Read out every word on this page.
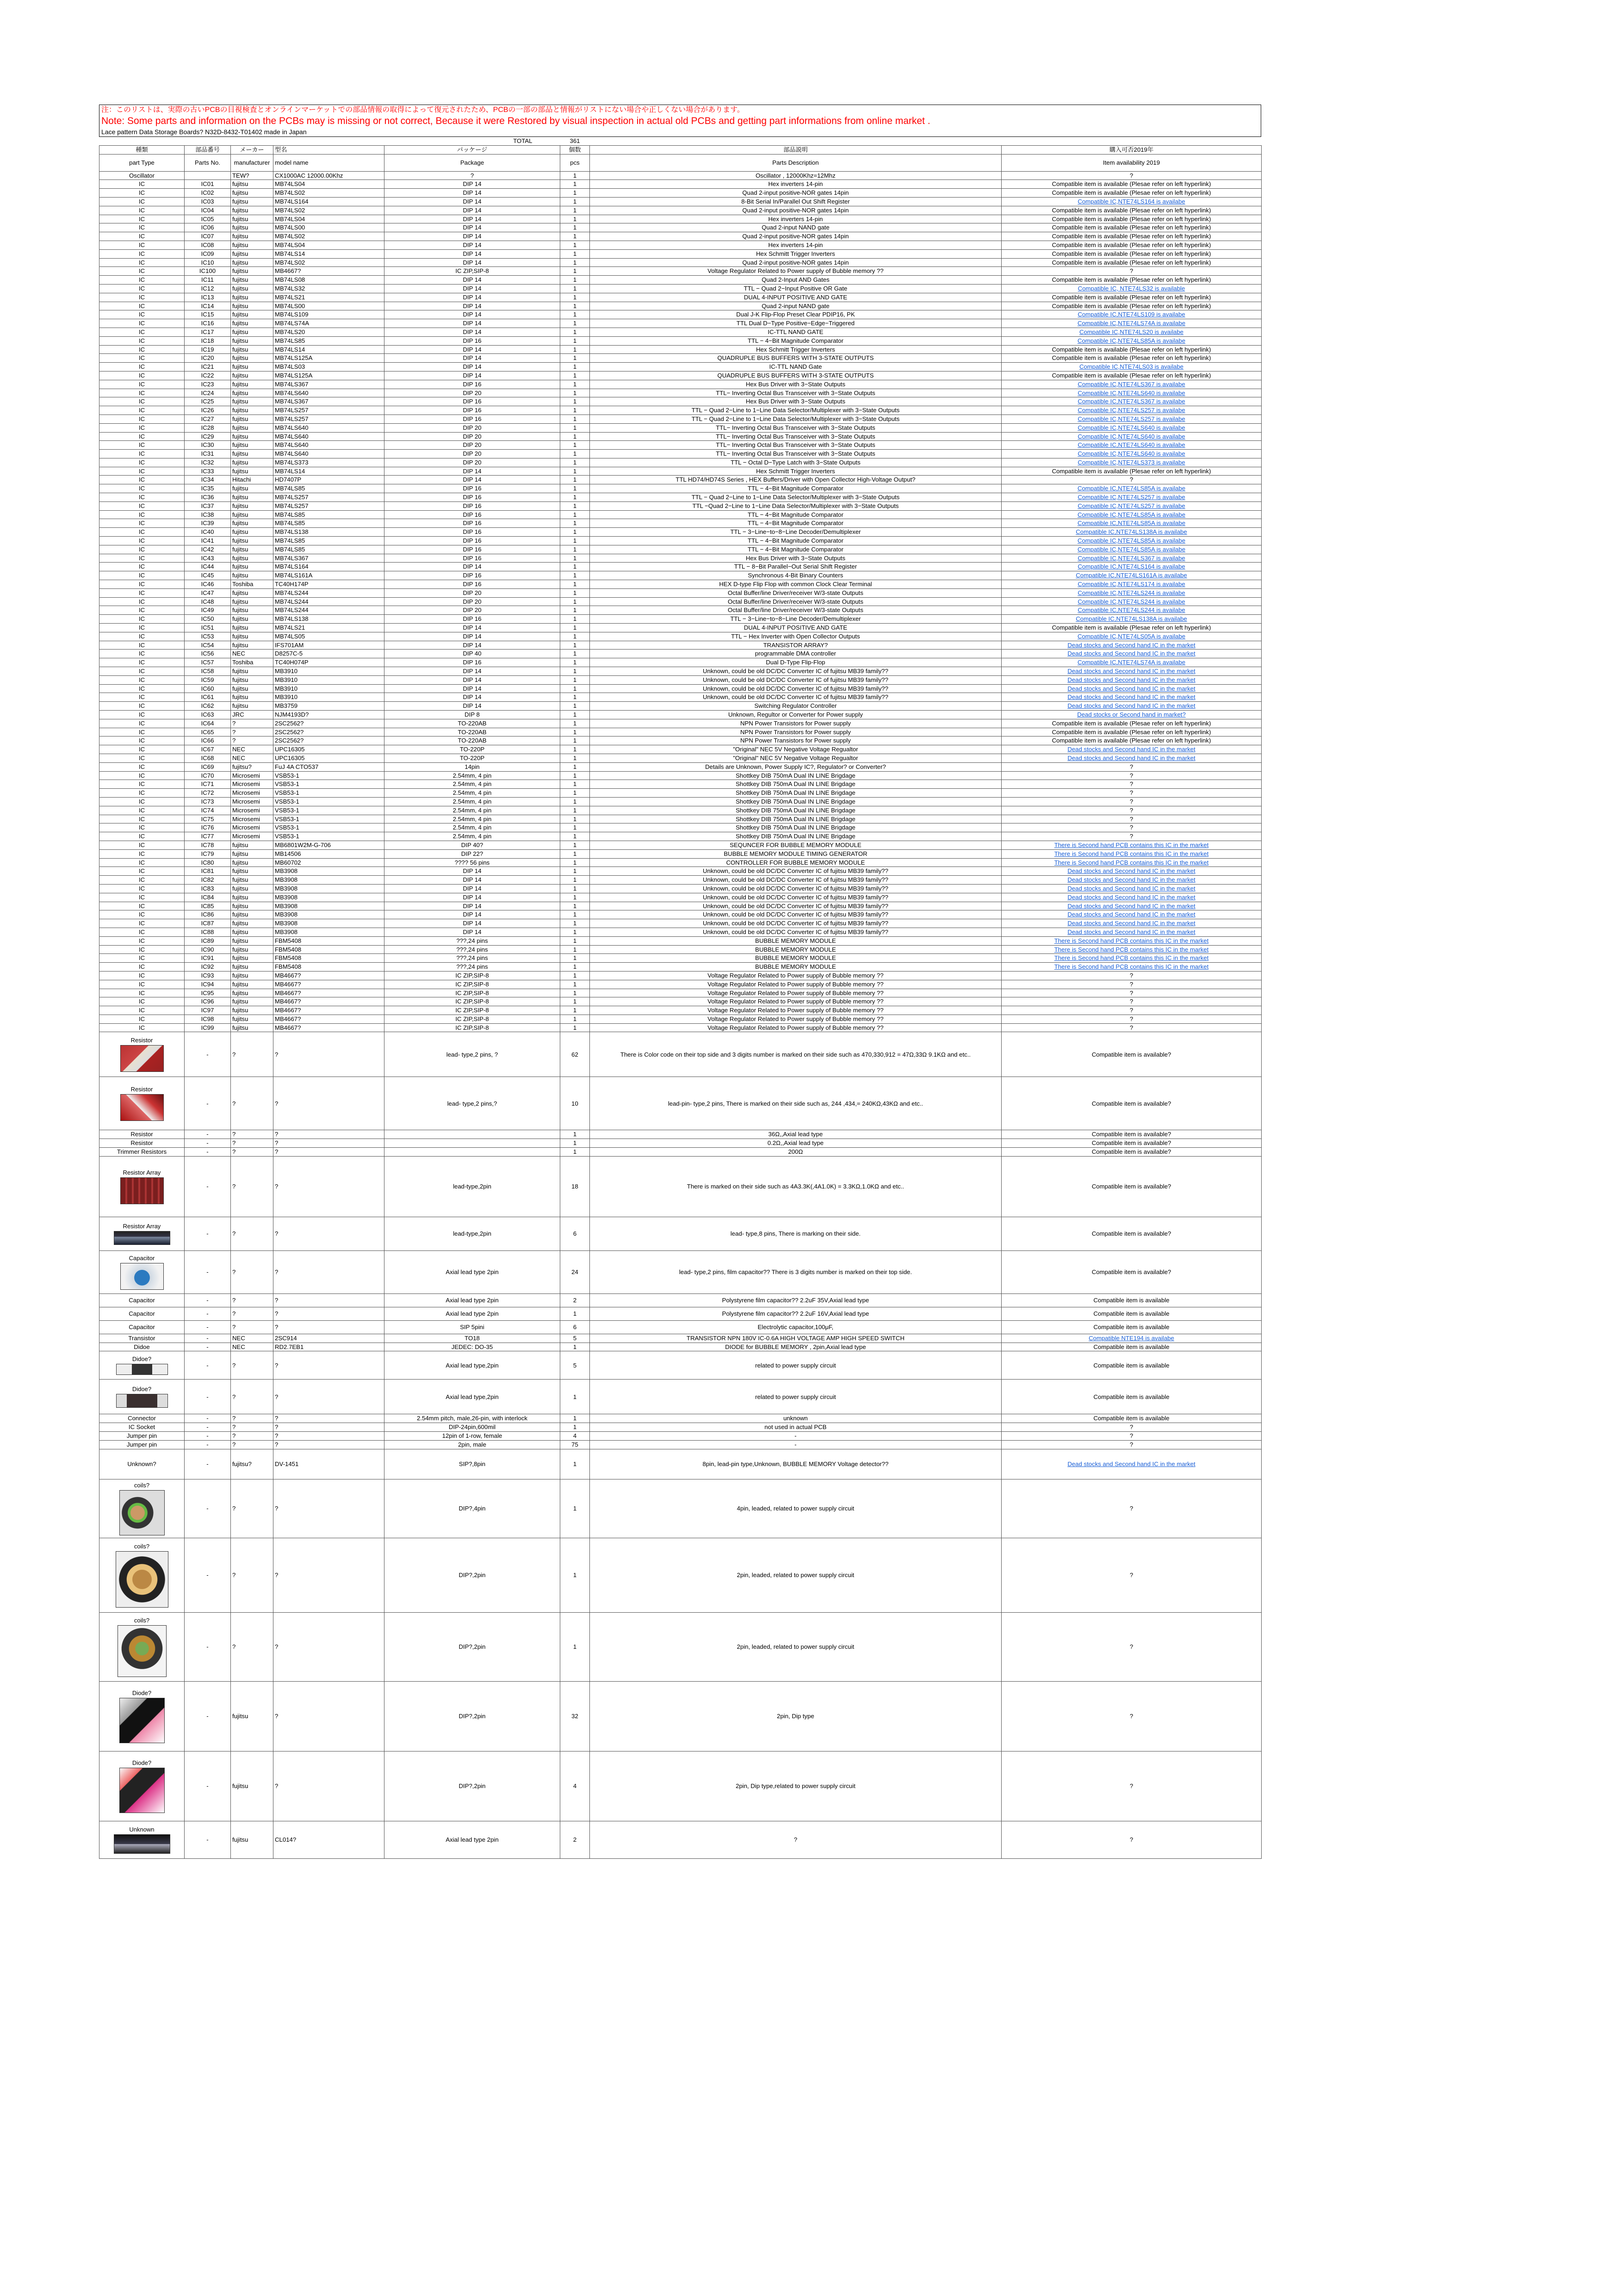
注：このリストは、実際の古いPCBの目視検査とオンラインマーケットでの部品情報の取得によって復元されたため、PCBの一部の部品と情報がリストにない場合や正しくない場合があります。
Note: Some parts and information on the PCBs may is missing or not correct, Because it were Restored by visual inspection in actual old PCBs and getting part informations from online market .
Lace pattern Data Storage Boards? N32D-8432-T01402 made in Japan
			TOTAL		361		
種類	部品番号	メーカー	型名	パッケージ	個数	部品説明	購入可否2019年
part Type	Parts No.	manufacturer	model name	Package	pcs	Parts Description	Item availability 2019
Oscillator		TEW?	CX1000AC 12000.00Khz	?	1	Oscillator , 12000Khz=12Mhz	?
IC	IC01	fujitsu	MB74LS04	DIP 14	1	Hex inverters 14-pin	Compatible item is available (Plesae refer on left hyperlink)
IC	IC02	fujitsu	MB74LS02	DIP 14	1	Quad 2-input positive-NOR gates 14pin	Compatible item is available (Plesae refer on left hyperlink)
IC	IC03	fujitsu	MB74LS164	DIP 14	1	8-Bit Serial In/Parallel Out Shift Register	Compatible IC,NTE74LS164 is availabe
IC	IC04	fujitsu	MB74LS02	DIP 14	1	Quad 2-input positive-NOR gates 14pin	Compatible item is available (Plesae refer on left hyperlink)
IC	IC05	fujitsu	MB74LS04	DIP 14	1	Hex inverters 14-pin	Compatible item is available (Plesae refer on left hyperlink)
IC	IC06	fujitsu	MB74LS00	DIP 14	1	Quad 2-input NAND gate	Compatible item is available (Plesae refer on left hyperlink)
IC	IC07	fujitsu	MB74LS02	DIP 14	1	Quad 2-input positive-NOR gates 14pin	Compatible item is available (Plesae refer on left hyperlink)
IC	IC08	fujitsu	MB74LS04	DIP 14	1	Hex inverters 14-pin	Compatible item is available (Plesae refer on left hyperlink)
IC	IC09	fujitsu	MB74LS14	DIP 14	1	Hex Schmitt Trigger Inverters	Compatible item is available (Plesae refer on left hyperlink)
IC	IC10	fujitsu	MB74LS02	DIP 14	1	Quad 2-input positive-NOR gates 14pin	Compatible item is available (Plesae refer on left hyperlink)
IC	IC100	fujitsu	MB4667?	IC ZIP,SIP-8	1	Voltage Regulator Related to Power supply of Bubble memory ??	?
IC	IC11	fujitsu	MB74LS08	DIP 14	1	Quad 2-Input AND Gates	Compatible item is available (Plesae refer on left hyperlink)
IC	IC12	fujitsu	MB74LS32	DIP 14	1	TTL − Quad 2−Input Positive OR Gate	Compatible IC, NTE74LS32 is available
IC	IC13	fujitsu	MB74LS21	DIP 14	1	DUAL 4-INPUT POSITIVE AND GATE	Compatible item is available (Plesae refer on left hyperlink)
IC	IC14	fujitsu	MB74LS00	DIP 14	1	Quad 2-input NAND gate	Compatible item is available (Plesae refer on left hyperlink)
IC	IC15	fujitsu	MB74LS109	DIP 14	1	Dual J-K Flip-Flop Preset Clear PDIP16, PK	Compatible IC,NTE74LS109 is availabe
IC	IC16	fujitsu	MB74LS74A	DIP 14	1	TTL Dual D−Type Positive−Edge−Triggered	Compatible IC,NTE74LS74A is availabe
IC	IC17	fujitsu	MB74LS20	DIP 14	1	IC-TTL NAND GATE	Compatible IC,NTE74LS20 is availabe
IC	IC18	fujitsu	MB74LS85	DIP 16	1	TTL − 4−Bit Magnitude Comparator	Compatible IC,NTE74LS85A is availabe
IC	IC19	fujitsu	MB74LS14	DIP 14	1	Hex Schmitt Trigger Inverters	Compatible item is available (Plesae refer on left hyperlink)
IC	IC20	fujitsu	MB74LS125A	DIP 14	1	QUADRUPLE BUS BUFFERS WITH 3-STATE OUTPUTS	Compatible item is available (Plesae refer on left hyperlink)
IC	IC21	fujitsu	MB74LS03	DIP 14	1	IC-TTL NAND Gate	Compatible IC,NTE74LS03 is availabe
IC	IC22	fujitsu	MB74LS125A	DIP 14	1	QUADRUPLE BUS BUFFERS WITH 3-STATE OUTPUTS	Compatible item is available (Plesae refer on left hyperlink)
IC	IC23	fujitsu	MB74LS367	DIP 16	1	Hex Bus Driver with 3−State Outputs	Compatible IC,NTE74LS367 is availabe
IC	IC24	fujitsu	MB74LS640	DIP 20	1	TTL− Inverting Octal Bus Transceiver with 3−State Outputs	Compatible IC,NTE74LS640 is availabe
IC	IC25	fujitsu	MB74LS367	DIP 16	1	Hex Bus Driver with 3−State Outputs	Compatible IC,NTE74LS367 is availabe
IC	IC26	fujitsu	MB74LS257	DIP 16	1	TTL − Quad 2−Line to 1−Line Data Selector/Multiplexer with 3−State Outputs	Compatible IC,NTE74LS257 is availabe
IC	IC27	fujitsu	MB74LS257	DIP 16	1	TTL − Quad 2−Line to 1−Line Data Selector/Multiplexer with 3−State Outputs	Compatible IC,NTE74LS257 is availabe
IC	IC28	fujitsu	MB74LS640	DIP 20	1	TTL− Inverting Octal Bus Transceiver with 3−State Outputs	Compatible IC,NTE74LS640 is availabe
IC	IC29	fujitsu	MB74LS640	DIP 20	1	TTL− Inverting Octal Bus Transceiver with 3−State Outputs	Compatible IC,NTE74LS640 is availabe
IC	IC30	fujitsu	MB74LS640	DIP 20	1	TTL− Inverting Octal Bus Transceiver with 3−State Outputs	Compatible IC,NTE74LS640 is availabe
IC	IC31	fujitsu	MB74LS640	DIP 20	1	TTL− Inverting Octal Bus Transceiver with 3−State Outputs	Compatible IC,NTE74LS640 is availabe
IC	IC32	fujitsu	MB74LS373	DIP 20	1	TTL − Octal D−Type Latch with 3−State Outputs	Compatible IC,NTE74LS373 is availabe
IC	IC33	fujitsu	MB74LS14	DIP 14	1	Hex Schmitt Trigger Inverters	Compatible item is available (Plesae refer on left hyperlink)
IC	IC34	Hitachi	HD7407P	DIP 14	1	TTL HD74/HD74S Series , HEX Buffers/Driver with Open Collector High-Voltage Output?	?
IC	IC35	fujitsu	MB74LS85	DIP 16	1	TTL − 4−Bit Magnitude Comparator	Compatible IC,NTE74LS85A is availabe
IC	IC36	fujitsu	MB74LS257	DIP 16	1	TTL − Quad 2−Line to 1−Line Data Selector/Multiplexer with 3−State Outputs	Compatible IC,NTE74LS257 is availabe
IC	IC37	fujitsu	MB74LS257	DIP 16	1	TTL −Quad 2−Line to 1−Line Data Selector/Multiplexer with 3−State Outputs	Compatible IC,NTE74LS257 is availabe
IC	IC38	fujitsu	MB74LS85	DIP 16	1	TTL − 4−Bit Magnitude Comparator	Compatible IC,NTE74LS85A is availabe
IC	IC39	fujitsu	MB74LS85	DIP 16	1	TTL − 4−Bit Magnitude Comparator	Compatible IC,NTE74LS85A is availabe
IC	IC40	fujitsu	MB74LS138	DIP 16	1	TTL − 3−Line−to−8−Line Decoder/Demultiplexer	Compatible IC,NTE74LS138A is availabe
IC	IC41	fujitsu	MB74LS85	DIP 16	1	TTL − 4−Bit Magnitude Comparator	Compatible IC,NTE74LS85A is availabe
IC	IC42	fujitsu	MB74LS85	DIP 16	1	TTL − 4−Bit Magnitude Comparator	Compatible IC,NTE74LS85A is availabe
IC	IC43	fujitsu	MB74LS367	DIP 16	1	Hex Bus Driver with 3−State Outputs	Compatible IC,NTE74LS367 is availabe
IC	IC44	fujitsu	MB74LS164	DIP 14	1	TTL − 8−Bit Parallel−Out Serial Shift Register	Compatible IC,NTE74LS164 is availabe
IC	IC45	fujitsu	MB74LS161A	DIP 16	1	Synchronous 4-Bit Binary Counters	Compatible IC,NTE74LS161A is availabe
IC	IC46	Toshiba	TC40H174P	DIP 16	1	HEX D-type Flip Flop with common Clock Clear Terminal	Compatible IC,NTE74LS174 is availabe
IC	IC47	fujitsu	MB74LS244	DIP 20	1	Octal Buffer/line Driver/receiver W/3-state Outputs	Compatible IC,NTE74LS244 is availabe
IC	IC48	fujitsu	MB74LS244	DIP 20	1	Octal Buffer/line Driver/receiver W/3-state Outputs	Compatible IC,NTE74LS244 is availabe
IC	IC49	fujitsu	MB74LS244	DIP 20	1	Octal Buffer/line Driver/receiver W/3-state Outputs	Compatible IC,NTE74LS244 is availabe
IC	IC50	fujitsu	MB74LS138	DIP 16	1	TTL − 3−Line−to−8−Line Decoder/Demultiplexer	Compatible IC,NTE74LS138A is availabe
IC	IC51	fujitsu	MB74LS21	DIP 14	1	DUAL 4-INPUT POSITIVE AND GATE	Compatible item is available (Plesae refer on left hyperlink)
IC	IC53	fujitsu	MB74LS05	DIP 14	1	TTL − Hex Inverter with Open Collector Outputs	Compatible IC,NTE74LS05A is availabe
IC	IC54	fujitsu	IFS701AM	DIP 14	1	TRANSISTOR ARRAY?	Dead stocks and Second hand IC in the market
IC	IC56	NEC	D8257C-5	DIP 40	1	programmable DMA controller	Dead stocks and Second hand IC in the market
IC	IC57	Toshiba	TC40H074P	DIP 16	1	Dual D-Type Flip-Flop	Compatible IC,NTE74LS74A is availabe
IC	IC58	fujitsu	MB3910	DIP 14	1	Unknown, could be old DC/DC Converter IC of fujitsu MB39 family??	Dead stocks and Second hand IC in the market
IC	IC59	fujitsu	MB3910	DIP 14	1	Unknown, could be old DC/DC Converter IC of fujitsu MB39 family??	Dead stocks and Second hand IC in the market
IC	IC60	fujitsu	MB3910	DIP 14	1	Unknown, could be old DC/DC Converter IC of fujitsu MB39 family??	Dead stocks and Second hand IC in the market
IC	IC61	fujitsu	MB3910	DIP 14	1	Unknown, could be old DC/DC Converter IC of fujitsu MB39 family??	Dead stocks and Second hand IC in the market
IC	IC62	fujitsu	MB3759	DIP 14	1	Switching Regulator Controller	Dead stocks and Second hand IC in the market
IC	IC63	JRC	NJM4193D?	DIP 8	1	Unknown, Regultor or Converter for Power supply	Dead stocks or Second hand in market?
IC	IC64	?	2SC2562?	TO-220AB	1	NPN Power Transistors for Power supply	Compatible item is available (Plesae refer on left hyperlink)
IC	IC65	?	2SC2562?	TO-220AB	1	NPN Power Transistors for Power supply	Compatible item is available (Plesae refer on left hyperlink)
IC	IC66	?	2SC2562?	TO-220AB	1	NPN Power Transistors for Power supply	Compatible item is available (Plesae refer on left hyperlink)
IC	IC67	NEC	UPC16305	TO-220P	1	"Original" NEC 5V Negative Voltage Regualtor	Dead stocks and Second hand IC in the market
IC	IC68	NEC	UPC16305	TO-220P	1	"Original" NEC 5V Negative Voltage Regualtor	Dead stocks and Second hand IC in the market
IC	IC69	fujitsu?	FuJ 4A CTO537	14pin	1	Details are Unknown, Power Supply IC?, Regulator? or Converter?	?
IC	IC70	Microsemi	VSB53-1	2.54mm, 4 pin	1	Shottkey DIB 750mA Dual IN LINE Brigdage	?
IC	IC71	Microsemi	VSB53-1	2.54mm, 4 pin	1	Shottkey DIB 750mA Dual IN LINE Brigdage	?
IC	IC72	Microsemi	VSB53-1	2.54mm, 4 pin	1	Shottkey DIB 750mA Dual IN LINE Brigdage	?
IC	IC73	Microsemi	VSB53-1	2.54mm, 4 pin	1	Shottkey DIB 750mA Dual IN LINE Brigdage	?
IC	IC74	Microsemi	VSB53-1	2.54mm, 4 pin	1	Shottkey DIB 750mA Dual IN LINE Brigdage	?
IC	IC75	Microsemi	VSB53-1	2.54mm, 4 pin	1	Shottkey DIB 750mA Dual IN LINE Brigdage	?
IC	IC76	Microsemi	VSB53-1	2.54mm, 4 pin	1	Shottkey DIB 750mA Dual IN LINE Brigdage	?
IC	IC77	Microsemi	VSB53-1	2.54mm, 4 pin	1	Shottkey DIB 750mA Dual IN LINE Brigdage	?
IC	IC78	fujitsu	MB6801W2M-G-706	DIP 40?	1	SEQUNCER FOR BUBBLE MEMORY MODULE	There is Second hand PCB contains this IC in the market
IC	IC79	fujitsu	MB14506	DIP 22?	1	BUBBLE MEMORY MODULE TIMING GENERATOR	There is Second hand PCB contains this IC in the market
IC	IC80	fujitsu	MB60702	???? 56 pins	1	CONTROLLER FOR BUBBLE MEMORY MODULE	There is Second hand PCB contains this IC in the market
IC	IC81	fujitsu	MB3908	DIP 14	1	Unknown, could be old DC/DC Converter IC of fujitsu MB39 family??	Dead stocks and Second hand IC in the market
IC	IC82	fujitsu	MB3908	DIP 14	1	Unknown, could be old DC/DC Converter IC of fujitsu MB39 family??	Dead stocks and Second hand IC in the market
IC	IC83	fujitsu	MB3908	DIP 14	1	Unknown, could be old DC/DC Converter IC of fujitsu MB39 family??	Dead stocks and Second hand IC in the market
IC	IC84	fujitsu	MB3908	DIP 14	1	Unknown, could be old DC/DC Converter IC of fujitsu MB39 family??	Dead stocks and Second hand IC in the market
IC	IC85	fujitsu	MB3908	DIP 14	1	Unknown, could be old DC/DC Converter IC of fujitsu MB39 family??	Dead stocks and Second hand IC in the market
IC	IC86	fujitsu	MB3908	DIP 14	1	Unknown, could be old DC/DC Converter IC of fujitsu MB39 family??	Dead stocks and Second hand IC in the market
IC	IC87	fujitsu	MB3908	DIP 14	1	Unknown, could be old DC/DC Converter IC of fujitsu MB39 family??	Dead stocks and Second hand IC in the market
IC	IC88	fujitsu	MB3908	DIP 14	1	Unknown, could be old DC/DC Converter IC of fujitsu MB39 family??	Dead stocks and Second hand IC in the market
IC	IC89	fujitsu	FBM5408	???,24 pins	1	BUBBLE MEMORY MODULE	There is Second hand PCB contains this IC in the market
IC	IC90	fujitsu	FBM5408	???,24 pins	1	BUBBLE MEMORY MODULE	There is Second hand PCB contains this IC in the market
IC	IC91	fujitsu	FBM5408	???,24 pins	1	BUBBLE MEMORY MODULE	There is Second hand PCB contains this IC in the market
IC	IC92	fujitsu	FBM5408	???,24 pins	1	BUBBLE MEMORY MODULE	There is Second hand PCB contains this IC in the market
IC	IC93	fujitsu	MB4667?	IC ZIP,SIP-8	1	Voltage Regulator Related to Power supply of Bubble memory ??	?
IC	IC94	fujitsu	MB4667?	IC ZIP,SIP-8	1	Voltage Regulator Related to Power supply of Bubble memory ??	?
IC	IC95	fujitsu	MB4667?	IC ZIP,SIP-8	1	Voltage Regulator Related to Power supply of Bubble memory ??	?
IC	IC96	fujitsu	MB4667?	IC ZIP,SIP-8	1	Voltage Regulator Related to Power supply of Bubble memory ??	?
IC	IC97	fujitsu	MB4667?	IC ZIP,SIP-8	1	Voltage Regulator Related to Power supply of Bubble memory ??	?
IC	IC98	fujitsu	MB4667?	IC ZIP,SIP-8	1	Voltage Regulator Related to Power supply of Bubble memory ??	?
IC	IC99	fujitsu	MB4667?	IC ZIP,SIP-8	1	Voltage Regulator Related to Power supply of Bubble memory ??	?

Resistor	-	?	?	lead- type,2 pins, ?	62	There is Color code on their top side and 3 digits number is marked on their side such as 470,330,912 = 47Ω,33Ω 9.1KΩ and etc..	Compatible item is available?

Resistor	-	?	?	lead- type,2 pins,?	10	lead-pin- type,2 pins, There is marked on their side such as, 244 ,434,= 240KΩ,43KΩ and etc..	Compatible item is available?
Resistor	-	?	?		1	36Ω,,Axial lead type	Compatible item is available?
Resistor	-	?	?		1	0.2Ω,,Axial lead type	Compatible item is available?
Trimmer Resistors	-	?	?		1	200Ω	Compatible item is available?

Resistor Array	-	?	?	lead-type,2pin	18	There is marked on their side such as 4A3.3K(,4A1.0K) = 3.3KΩ,1.0KΩ and etc..	Compatible item is available?

Resistor Array	-	?	?	lead-type,2pin	6	lead- type,8 pins, There is marking on their side.	Compatible item is available?

Capacitor	-	?	?	Axial lead type 2pin	24	lead- type,2 pins, film capacitor?? There is 3 digits number is marked on their top side.	Compatible item is available?
Capacitor	-	?	?	Axial lead type 2pin	2	Polystyrene film capacitor?? 2.2uF 35V,Axial lead type	Compatible item is available
Capacitor	-	?	?	Axial lead type 2pin	1	Polystyrene film capacitor?? 2.2uF 16V,Axial lead type	Compatible item is available
Capacitor	-	?	?	SIP 5pini	6	Electrolytic capacitor,100μF,	Compatible item is available
Transistor	-	NEC	2SC914	TO18	5	TRANSISTOR NPN 180V IC-0.6A HIGH VOLTAGE AMP HIGH SPEED SWITCH	Compatible NTE194 is availabe
Didoe	-	NEC	RD2.7EB1	JEDEC: DO-35	1	DIODE for BUBBLE MEMORY , 2pin,Axial lead type	Compatible item is available

Didoe?	-	?	?	Axial lead type,2pin	5	related to power supply circuit	Compatible item is available

Didoe?	-	?	?	Axial lead type,2pin	1	related to power supply circuit	Compatible item is available
Connector	-	?	?	2.54mm pitch, male,26-pin, with interlock	1	unknown	Compatible item is available
IC Socket	-	?	?	DIP-24pin,600mil	1	not used in actual PCB	?
Jumper pin	-	?	?	12pin of 1-row, female	4	-	?
Jumper pin	-	?	?	2pin, male	75	-	?
Unknown?	-	fujitsu?	DV-1451	SIP?,8pin	1	8pin, lead-pin type,Unknown, BUBBLE MEMORY Voltage detector??	Dead stocks and Second hand IC in the market

coils?	-	?	?	DIP?,4pin	1	4pin, leaded, related to power supply circuit	?

coils?	-	?	?	DIP?,2pin	1	2pin, leaded, related to power supply circuit	?

coils?	-	?	?	DIP?,2pin	1	2pin, leaded, related to power supply circuit	?

Diode?	-	fujitsu	?	DIP?,2pin	32	2pin, Dip type	?

Diode?	-	fujitsu	?	DIP?,2pin	4	2pin, Dip type,related to power supply circuit	?

Unknown	-	fujitsu	CL014?	Axial lead type 2pin	2	?	?
